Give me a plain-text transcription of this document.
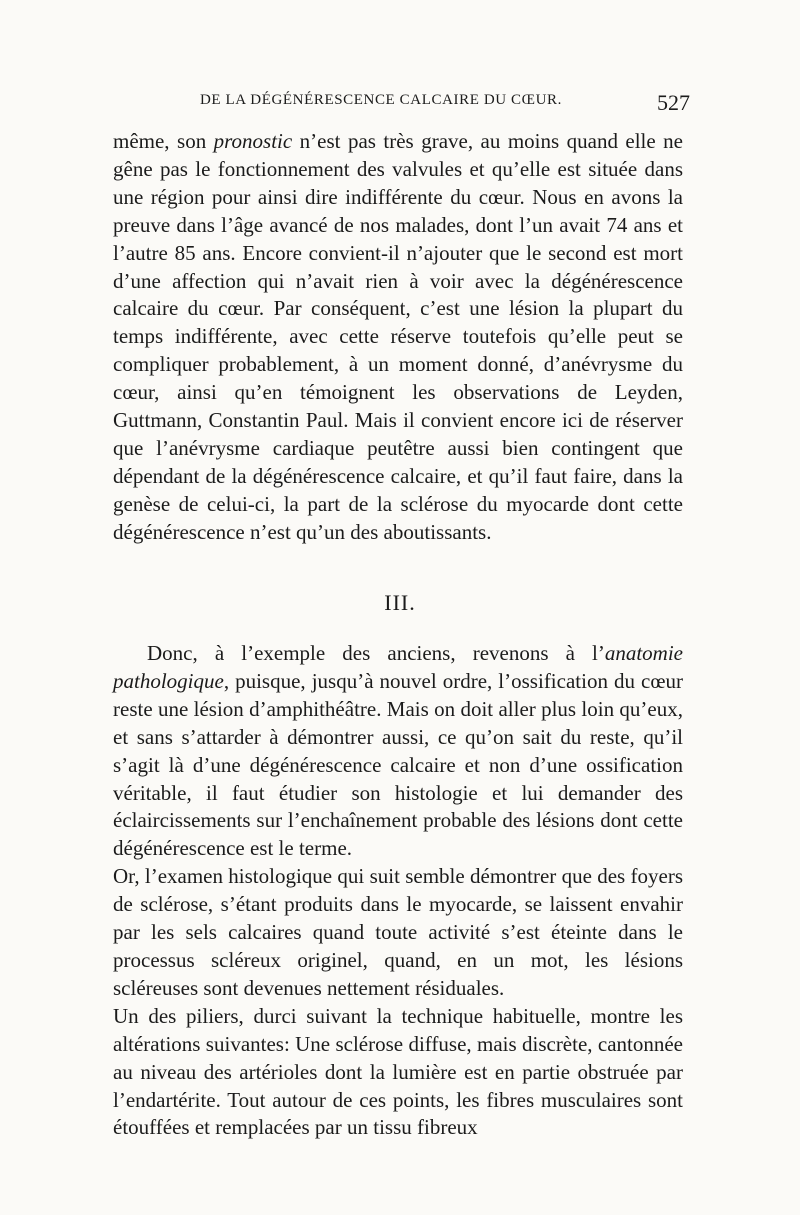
DE LA DÉGÉNÉRESCENCE CALCAIRE DU CŒUR.	527

même, son pronostic n’est pas très grave, au moins quand elle ne gêne pas le fonctionnement des valvules et qu’elle est située dans une région pour ainsi dire indifférente du cœur. Nous en avons la preuve dans l’âge avancé de nos malades, dont l’un avait 74 ans et l’autre 85 ans. Encore convient-il n’ajouter que le second est mort d’une affection qui n’avait rien à voir avec la dégénérescence calcaire du cœur. Par conséquent, c’est une lésion la plupart du temps indifférente, avec cette réserve toutefois qu’elle peut se compliquer probablement, à un moment donné, d’anévrysme du cœur, ainsi qu’en témoignent les observations de Leyden, Guttmann, Constantin Paul. Mais il convient encore ici de réserver que l’anévrysme cardiaque peutêtre aussi bien contingent que dépendant de la dégénérescence calcaire, et qu’il faut faire, dans la genèse de celui-ci, la part de la sclérose du myocarde dont cette dégénérescence n’est qu’un des aboutissants.

III.

Donc, à l’exemple des anciens, revenons à l’anatomie pathologique, puisque, jusqu’à nouvel ordre, l’ossification du cœur reste une lésion d’amphithéâtre. Mais on doit aller plus loin qu’eux, et sans s’attarder à démontrer aussi, ce qu’on sait du reste, qu’il s’agit là d’une dégénérescence calcaire et non d’une ossification véritable, il faut étudier son histologie et lui demander des éclaircissements sur l’enchaînement probable des lésions dont cette dégénérescence est le terme.

Or, l’examen histologique qui suit semble démontrer que des foyers de sclérose, s’étant produits dans le myocarde, se laissent envahir par les sels calcaires quand toute activité s’est éteinte dans le processus scléreux originel, quand, en un mot, les lésions scléreuses sont devenues nettement résiduales.

Un des piliers, durci suivant la technique habituelle, montre les altérations suivantes: Une sclérose diffuse, mais discrète, cantonnée au niveau des artérioles dont la lumière est en partie obstruée par l’endartérite. Tout autour de ces points, les fibres musculaires sont étouffées et remplacées par un tissu fibreux
